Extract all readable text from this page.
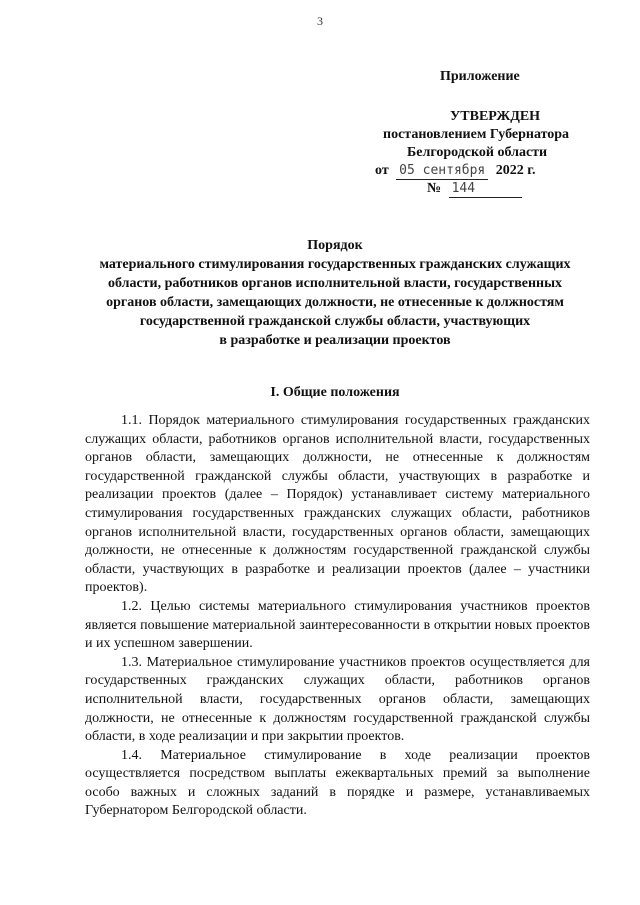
3
Приложение
УТВЕРЖДЕН
постановлением Губернатора
Белгородской области
от 05 сентября 2022 г.
№ 144
Порядок
материального стимулирования государственных гражданских служащих
области, работников органов исполнительной власти, государственных
органов области, замещающих должности, не отнесенные к должностям
государственной гражданской службы области, участвующих
в разработке и реализации проектов
I. Общие положения

1.1. Порядок материального стимулирования государственных гражданских служащих области, работников органов исполнительной власти, государственных органов области, замещающих должности, не отнесенные к должностям государственной гражданской службы области, участвующих в разработке и реализации проектов (далее – Порядок) устанавливает систему материального стимулирования государственных гражданских служащих области, работников органов исполнительной власти, государственных органов области, замещающих должности, не отнесенные к должностям государственной гражданской службы области, участвующих в разработке и реализации проектов (далее – участники проектов).

1.2. Целью системы материального стимулирования участников проектов является повышение материальной заинтересованности в открытии новых проектов и их успешном завершении.

1.3. Материальное стимулирование участников проектов осуществляется для государственных гражданских служащих области, работников органов исполнительной власти, государственных органов области, замещающих должности, не отнесенные к должностям государственной гражданской службы области, в ходе реализации и при закрытии проектов.

1.4. Материальное стимулирование в ходе реализации проектов осуществляется посредством выплаты ежеквартальных премий за выполнение особо важных и сложных заданий в порядке и размере, устанавливаемых Губернатором Белгородской области.
